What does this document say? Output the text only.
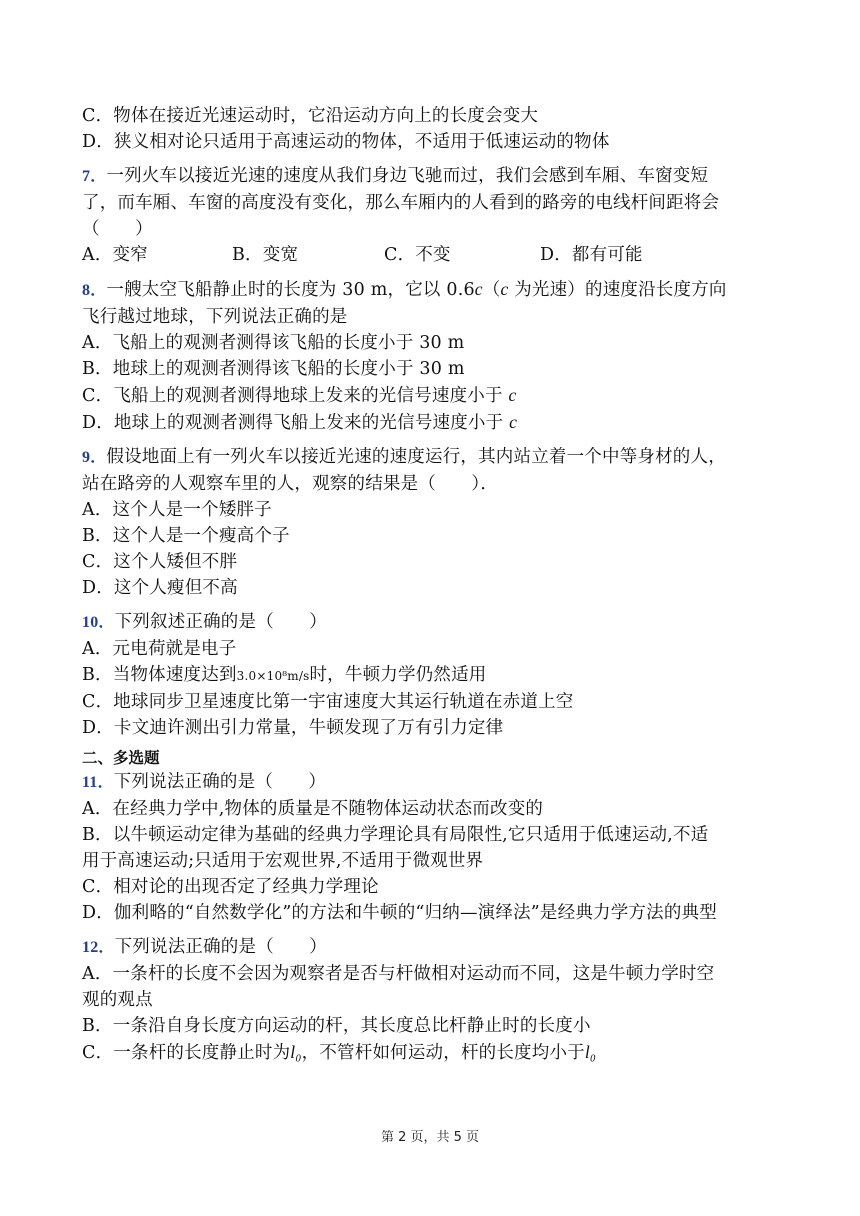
C．物体在接近光速运动时，它沿运动方向上的长度会变大
D．狭义相对论只适用于高速运动的物体，不适用于低速运动的物体
7．一列火车以接近光速的速度从我们身边飞驰而过，我们会感到车厢、车窗变短
了，而车厢、车窗的高度没有变化，那么车厢内的人看到的路旁的电线杆间距将会
（　　）
A．变窄	B．变宽	C．不变	D．都有可能
8．一艘太空飞船静止时的长度为 30 m，它以 0.6c（c 为光速）的速度沿长度方向
飞行越过地球，下列说法正确的是
A．飞船上的观测者测得该飞船的长度小于 30 m
B．地球上的观测者测得该飞船的长度小于 30 m
C．飞船上的观测者测得地球上发来的光信号速度小于 c
D．地球上的观测者测得飞船上发来的光信号速度小于 c
9．假设地面上有一列火车以接近光速的速度运行，其内站立着一个中等身材的人，
站在路旁的人观察车里的人，观察的结果是（　　）．
A．这个人是一个矮胖子
B．这个人是一个瘦高个子
C．这个人矮但不胖
D．这个人瘦但不高
10．下列叙述正确的是（　　）
A．元电荷就是电子
B．当物体速度达到3.0×10⁸m/s时，牛顿力学仍然适用
C．地球同步卫星速度比第一宇宙速度大其运行轨道在赤道上空
D．卡文迪许测出引力常量，牛顿发现了万有引力定律
二、多选题
11．下列说法正确的是（　　）
A．在经典力学中,物体的质量是不随物体运动状态而改变的
B．以牛顿运动定律为基础的经典力学理论具有局限性,它只适用于低速运动,不适
用于高速运动;只适用于宏观世界,不适用于微观世界
C．相对论的出现否定了经典力学理论
D．伽利略的“自然数学化”的方法和牛顿的“归纳—演绎法”是经典力学方法的典型
12．下列说法正确的是（　　）
A．一条杆的长度不会因为观察者是否与杆做相对运动而不同，这是牛顿力学时空
观的观点
B．一条沿自身长度方向运动的杆，其长度总比杆静止时的长度小
C．一条杆的长度静止时为l₀，不管杆如何运动，杆的长度均小于l₀
第 2 页，共 5 页
